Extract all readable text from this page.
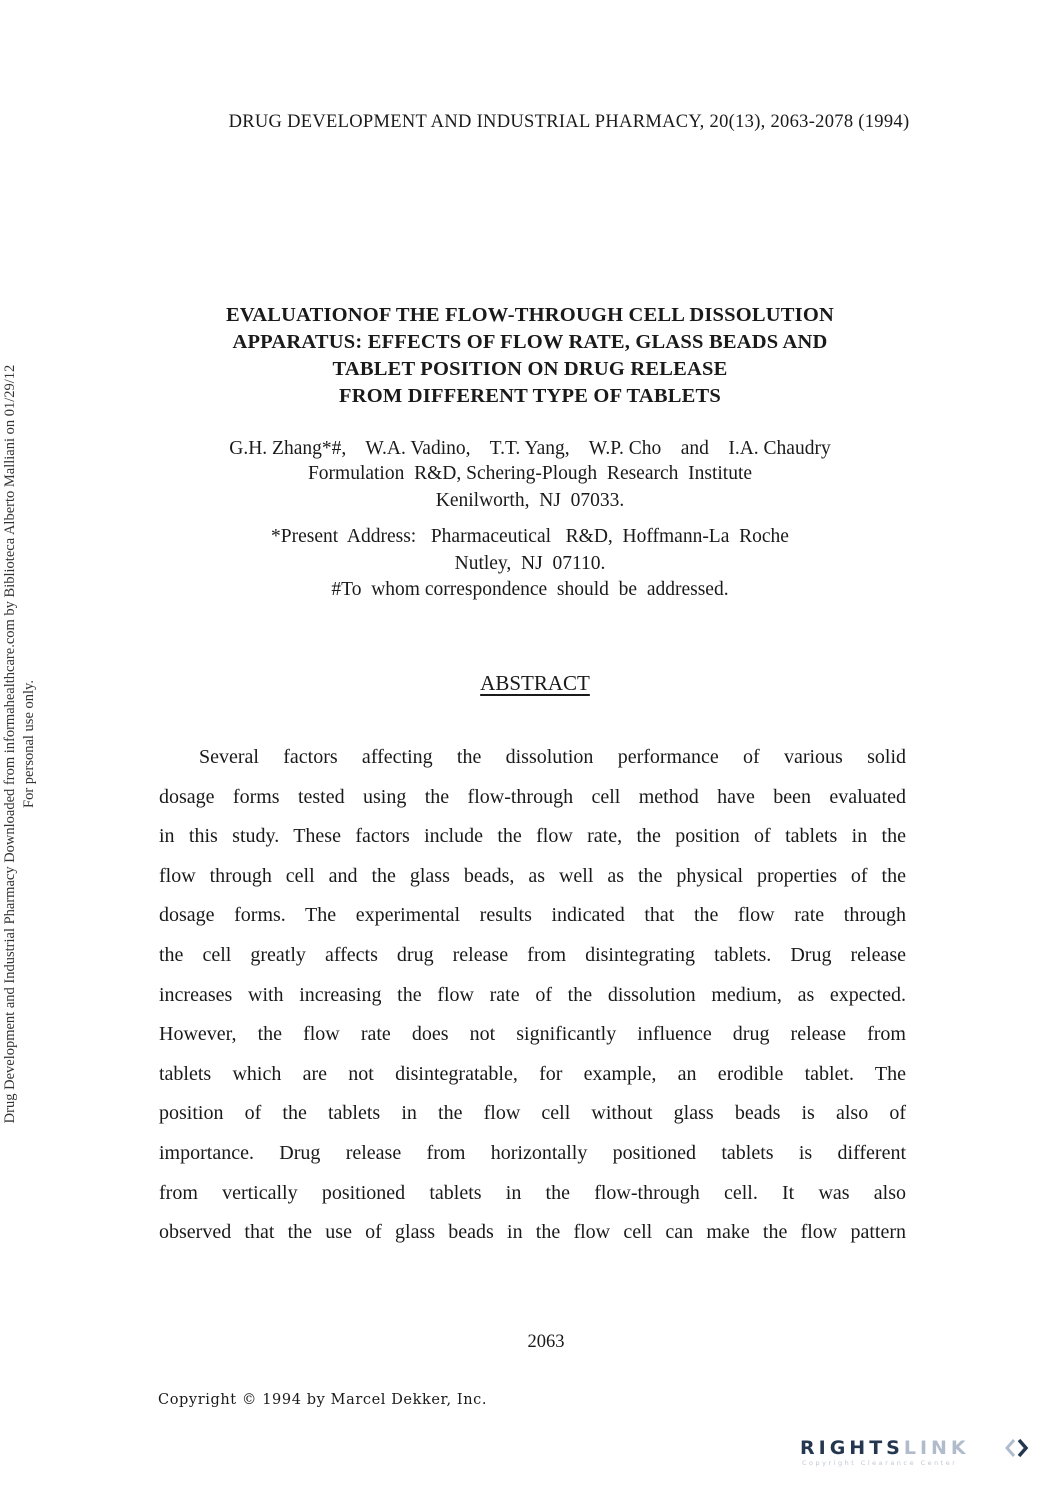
DRUG DEVELOPMENT AND INDUSTRIAL PHARMACY, 20(13), 2063-2078 (1994)
Drug Development and Industrial Pharmacy Downloaded from informahealthcare.com by Biblioteca Alberto Malliani on 01/29/12 For personal use only.
EVALUATIONOF THE FLOW-THROUGH CELL DISSOLUTION
APPARATUS: EFFECTS OF FLOW RATE, GLASS BEADS AND
TABLET POSITION ON DRUG RELEASE
FROM DIFFERENT TYPE OF TABLETS
G.H. Zhang*#,    W.A. Vadino,    T.T. Yang,    W.P. Cho    and    I.A. Chaudry
Formulation  R&D, Schering-Plough  Research  Institute
Kenilworth,  NJ  07033.
*Present  Address:   Pharmaceutical   R&D,  Hoffmann-La  Roche
Nutley,  NJ  07110.
#To  whom correspondence  should  be  addressed.
ABSTRACT
Several factors affecting the dissolution performance of various solid
dosage forms tested using the flow-through cell method have been evaluated
in this study. These factors include the flow rate, the position of tablets in the
flow through cell and the glass beads, as well as the physical properties of the
dosage forms. The experimental results indicated that the flow rate through
the cell greatly affects drug release from disintegrating tablets. Drug release
increases with increasing the flow rate of the dissolution medium, as expected.
However, the flow rate does not significantly influence drug release from
tablets which are not disintegratable, for example, an erodible tablet. The
position of the tablets in the flow cell without glass beads is also of
importance. Drug release from horizontally positioned tablets is different
from vertically positioned tablets in the flow-through cell. It was also
observed that the use of glass beads in the flow cell can make the flow pattern
2063
Copyright © 1994 by Marcel Dekker, Inc.
RIGHTSLINK
Copyright Clearance Center
